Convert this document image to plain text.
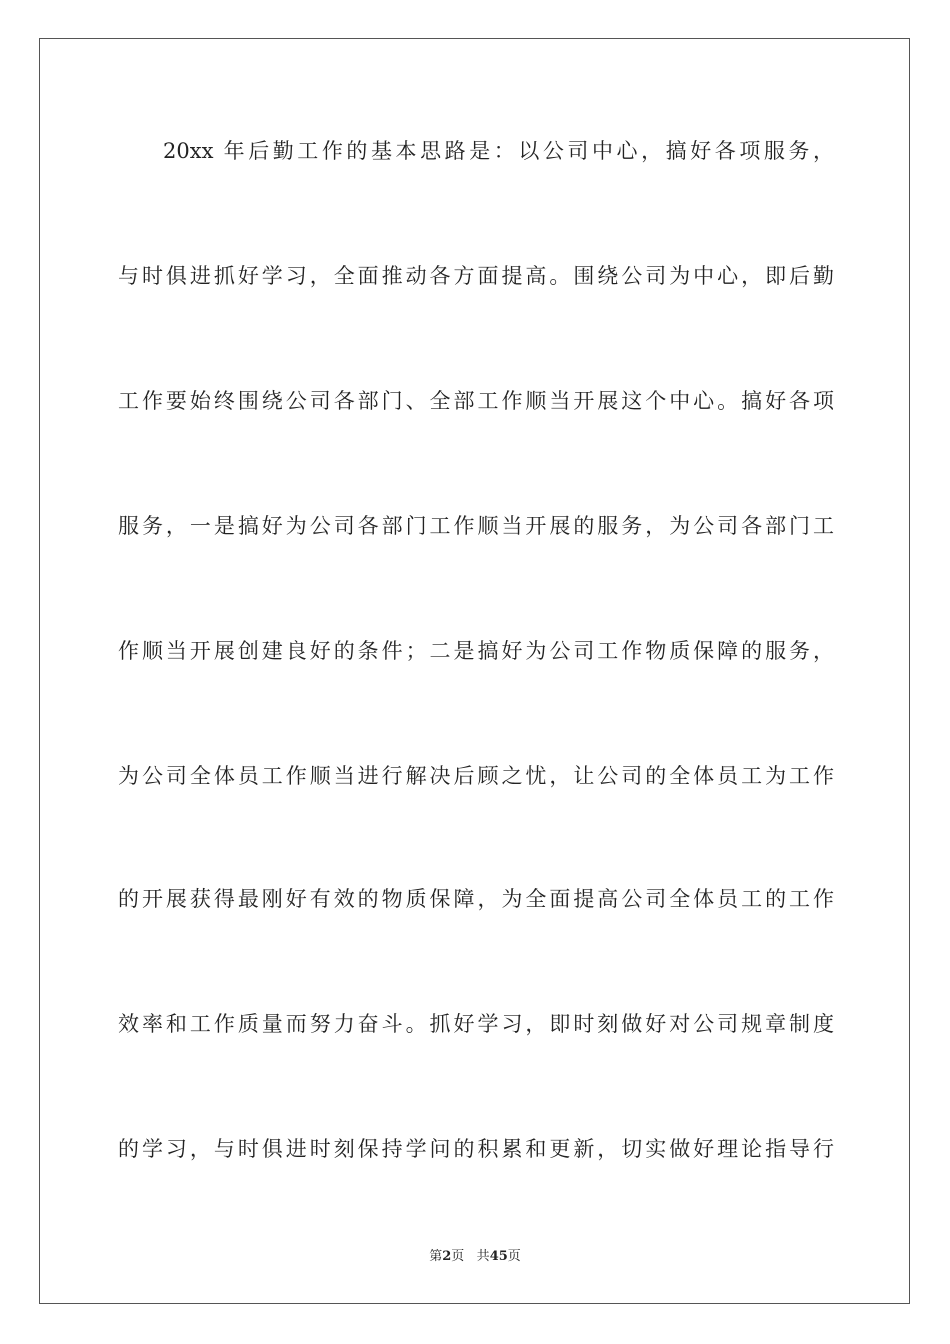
20xx 年后勤工作的基本思路是：以公司中心，搞好各项服务，
与时俱进抓好学习，全面推动各方面提高。围绕公司为中心，即后勤
工作要始终围绕公司各部门、全部工作顺当开展这个中心。搞好各项
服务，一是搞好为公司各部门工作顺当开展的服务，为公司各部门工
作顺当开展创建良好的条件；二是搞好为公司工作物质保障的服务，
为公司全体员工作顺当进行解决后顾之忧，让公司的全体员工为工作
的开展获得最刚好有效的物质保障，为全面提高公司全体员工的工作
效率和工作质量而努力奋斗。抓好学习，即时刻做好对公司规章制度
的学习，与时俱进时刻保持学问的积累和更新，切实做好理论指导行
第2页 共45页
